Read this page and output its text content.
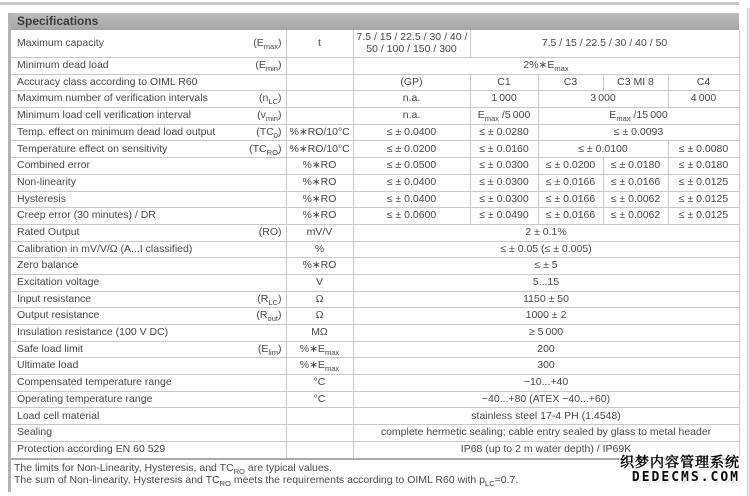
Specifications
Maximum capacity $(E_{max})$	t	7.5 / 15 / 22.5 / 30 / 40 /
50 / 100 / 150 / 300	7.5 / 15 / 22.5 / 30 / 40 / 50			

Minimum dead load $(E_{min})$		$2\%∗E_{max}$

Accuracy class according to OIML R60		(GP)	C1	C3	C3 MI 8	C4

Maximum number of verification intervals $(n_{LC})$		n.a.	1 000	3 000		4 000

Minimum load cell verification interval $(v_{min})$		n.a.	$E_{max}$ /5 000	$E_{max}$ /15 000		

Temp. effect on minimum dead load output $(TC_0)$	%∗RO/10°C	≤ ± 0.0400	≤ ± 0.0280	≤ ± 0.0093		

Temperature effect on sensitivity $(TC_{RO})$	%∗RO/10°C	≤ ± 0.0200	≤ ± 0.0160	≤ ± 0.0100		≤ ± 0.0080

Combined error	%∗RO	≤ ± 0.0500	≤ ± 0.0300	≤ ± 0.0200	≤ ± 0.0180	≤ ± 0.0180

Non-linearity	%∗RO	≤ ± 0.0400	≤ ± 0.0300	≤ ± 0.0166	≤ ± 0.0166	≤ ± 0.0125

Hysteresis	%∗RO	≤ ± 0.0400	≤ ± 0.0300	≤ ± 0.0166	≤ ± 0.0062	≤ ± 0.0125

Creep error (30 minutes) / DR	%∗RO	≤ ± 0.0600	≤ ± 0.0490	≤ ± 0.0166	≤ ± 0.0062	≤ ± 0.0125

Rated Output (RO)	mV/V	2 ± 0.1%				

Calibration in mV/V/Ω (A...I classified)	%	≤ ± 0.05 (≤ ± 0.005)				

Zero balance	%∗RO	≤ ± 5				

Excitation voltage	V	5...15				

Input resistance $(R_{LC})$	Ω	1150 ± 50				

Output resistance $(R_{out})$	Ω	1000 ± 2				

Insulation resistance (100 V DC)	MΩ	≥ 5 000				

Safe load limit $(E_{lim})$	$\%∗E_{max}$	200				

Ultimate load	$\%∗E_{max}$	300				

Compensated temperature range	°C	−10...+40				

Operating temperature range	°C	−40...+80 (ATEX −40...+60)				

Load cell material		stainless steel 17-4 PH (1.4548)				

Sealing		complete hermetic sealing; cable entry sealed by glass to metal header				

Protection according EN 60 529		IP68 (up to 2 m water depth) / IP69K				
The limits for Non-Linearity, Hysteresis, and $TC_{RO}$ are typical values.
The sum of Non-linearity, Hysteresis and $TC_{RO}$ meets the requirements according to OIML R60 with $p_{LC}=0.7$.
织梦内容管理系统
DEDECMS.COM
